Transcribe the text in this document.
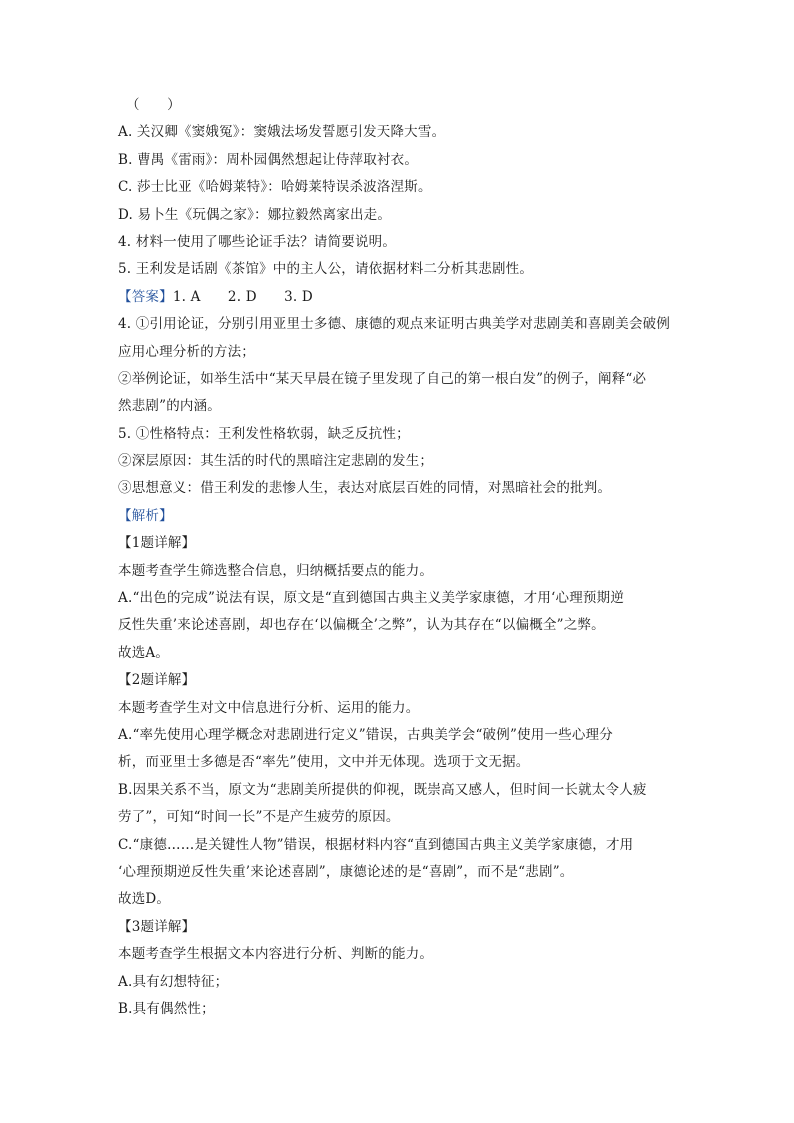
（　　）
A. 关汉卿《窦娥冤》：窦娥法场发誓愿引发天降大雪。
B. 曹禺《雷雨》：周朴园偶然想起让侍萍取衬衣。
C. 莎士比亚《哈姆莱特》：哈姆莱特误杀波洛涅斯。
D. 易卜生《玩偶之家》：娜拉毅然离家出走。
4. 材料一使用了哪些论证手法？请简要说明。
5. 王利发是话剧《茶馆》中的主人公，请依据材料二分析其悲剧性。
【答案】1. A　　2. D　　3. D
4. ①引用论证，分别引用亚里士多德、康德的观点来证明古典美学对悲剧美和喜剧美会破例
应用心理分析的方法；
②举例论证，如举生活中“某天早晨在镜子里发现了自己的第一根白发”的例子，阐释“必
然悲剧”的内涵。
5. ①性格特点：王利发性格软弱，缺乏反抗性；
②深层原因：其生活的时代的黑暗注定悲剧的发生；
③思想意义：借王利发的悲惨人生，表达对底层百姓的同情，对黑暗社会的批判。
【解析】
【1题详解】
本题考查学生筛选整合信息，归纳概括要点的能力。
A.“出色的完成”说法有误，原文是“直到德国古典主义美学家康德，才用‘心理预期逆
反性失重’来论述喜剧，却也存在‘以偏概全’之弊”，认为其存在“以偏概全”之弊。
故选A。
【2题详解】
本题考查学生对文中信息进行分析、运用的能力。
A.“率先使用心理学概念对悲剧进行定义”错误，古典美学会“破例”使用一些心理分
析，而亚里士多德是否“率先”使用，文中并无体现。选项于文无据。
B.因果关系不当，原文为“悲剧美所提供的仰视，既崇高又感人，但时间一长就太令人疲
劳了”，可知“时间一长”不是产生疲劳的原因。
C.“康德……是关键性人物”错误，根据材料内容“直到德国古典主义美学家康德，才用
‘心理预期逆反性失重’来论述喜剧”，康德论述的是“喜剧”，而不是“悲剧”。
故选D。
【3题详解】
本题考查学生根据文本内容进行分析、判断的能力。
A.具有幻想特征；
B.具有偶然性；
